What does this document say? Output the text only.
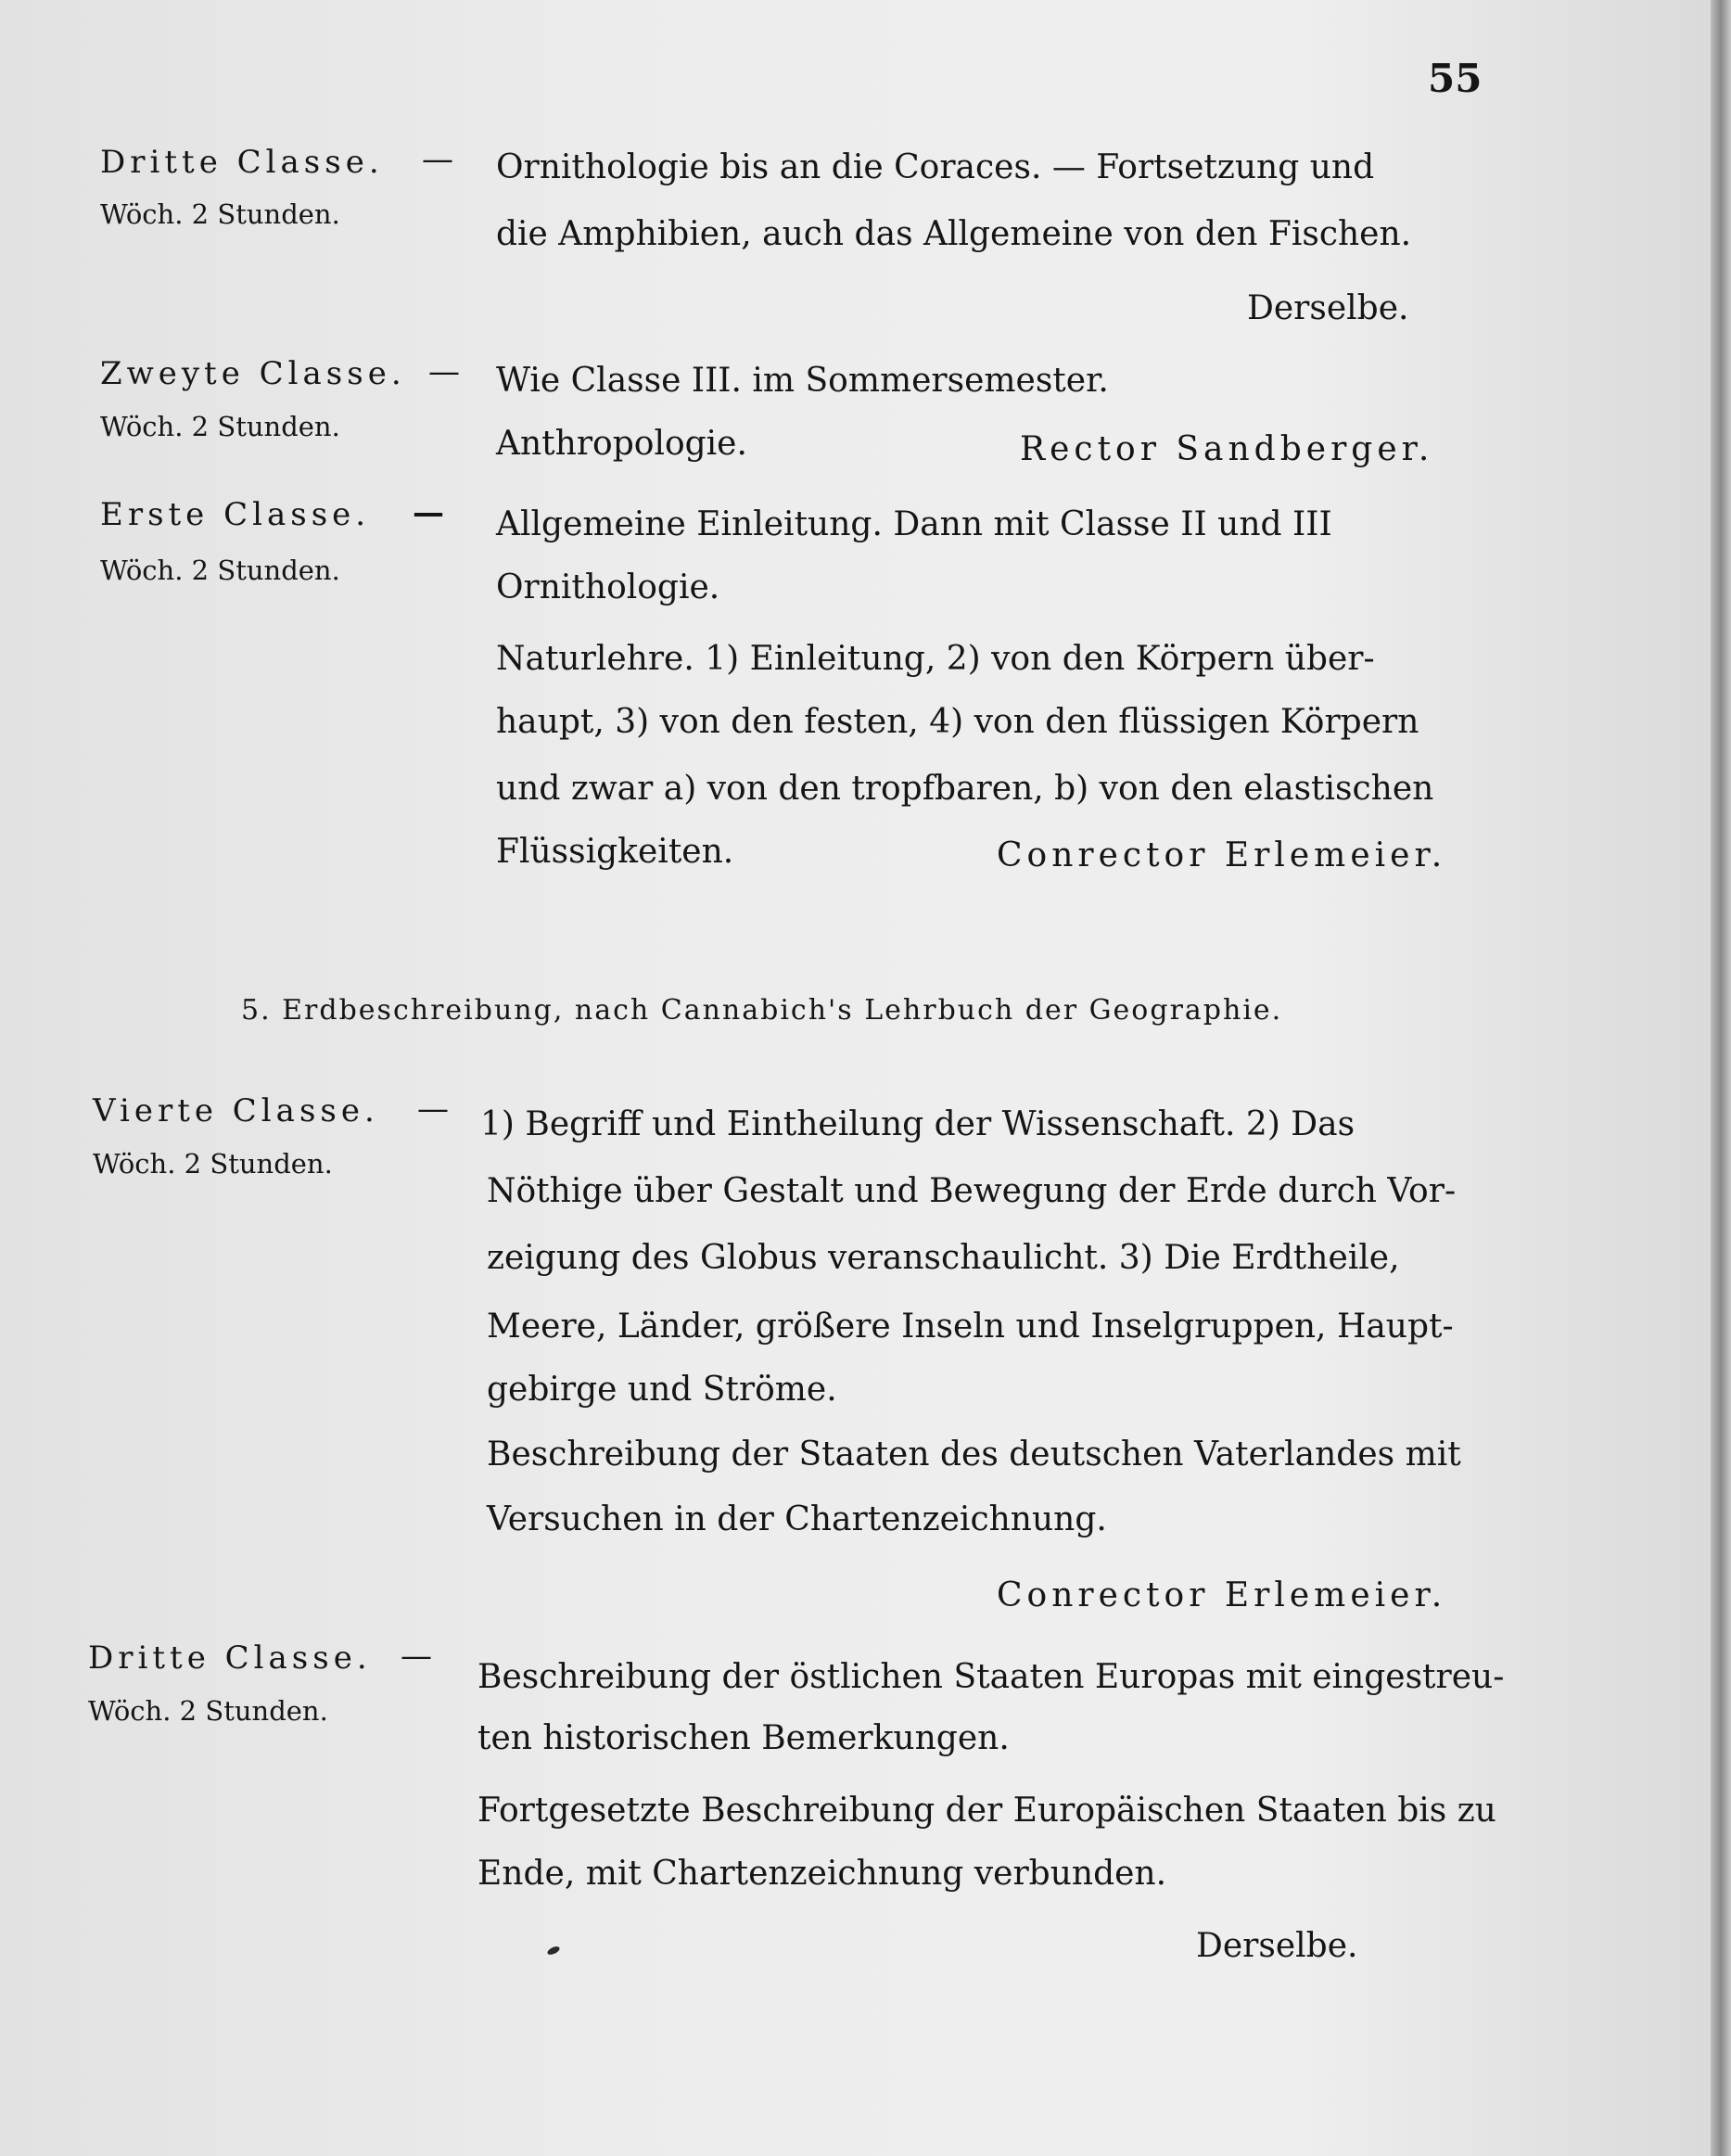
55
Dritte Classe. —
Wöch. 2 Stunden.
Ornithologie bis an die Coraces. — Fortsetzung und
die Amphibien, auch das Allgemeine von den Fischen.
Derselbe.
Zweyte Classe. —
Wöch. 2 Stunden.
Wie Classe III. im Sommersemester.
Anthropologie.	Rector Sandberger.
Erste Classe. —
Wöch. 2 Stunden.
Allgemeine Einleitung. Dann mit Classe II und III
Ornithologie.
Naturlehre. 1) Einleitung, 2) von den Körpern über-
haupt, 3) von den festen, 4) von den flüssigen Körpern
und zwar a) von den tropfbaren, b) von den elastischen
Flüssigkeiten.	Conrector Erlemeier.
5. Erdbeschreibung, nach Cannabich's Lehrbuch der Geographie.
Vierte Classe. —
Wöch. 2 Stunden.
1) Begriff und Eintheilung der Wissenschaft. 2) Das
Nöthige über Gestalt und Bewegung der Erde durch Vor-
zeigung des Globus veranschaulicht. 3) Die Erdtheile,
Meere, Länder, größere Inseln und Inselgruppen, Haupt-
gebirge und Ströme.
Beschreibung der Staaten des deutschen Vaterlandes mit
Versuchen in der Chartenzeichnung.
Conrector Erlemeier.
Dritte Classe. —
Wöch. 2 Stunden.
Beschreibung der östlichen Staaten Europas mit eingestreu-
ten historischen Bemerkungen.
Fortgesetzte Beschreibung der Europäischen Staaten bis zu
Ende, mit Chartenzeichnung verbunden.
Derselbe.
